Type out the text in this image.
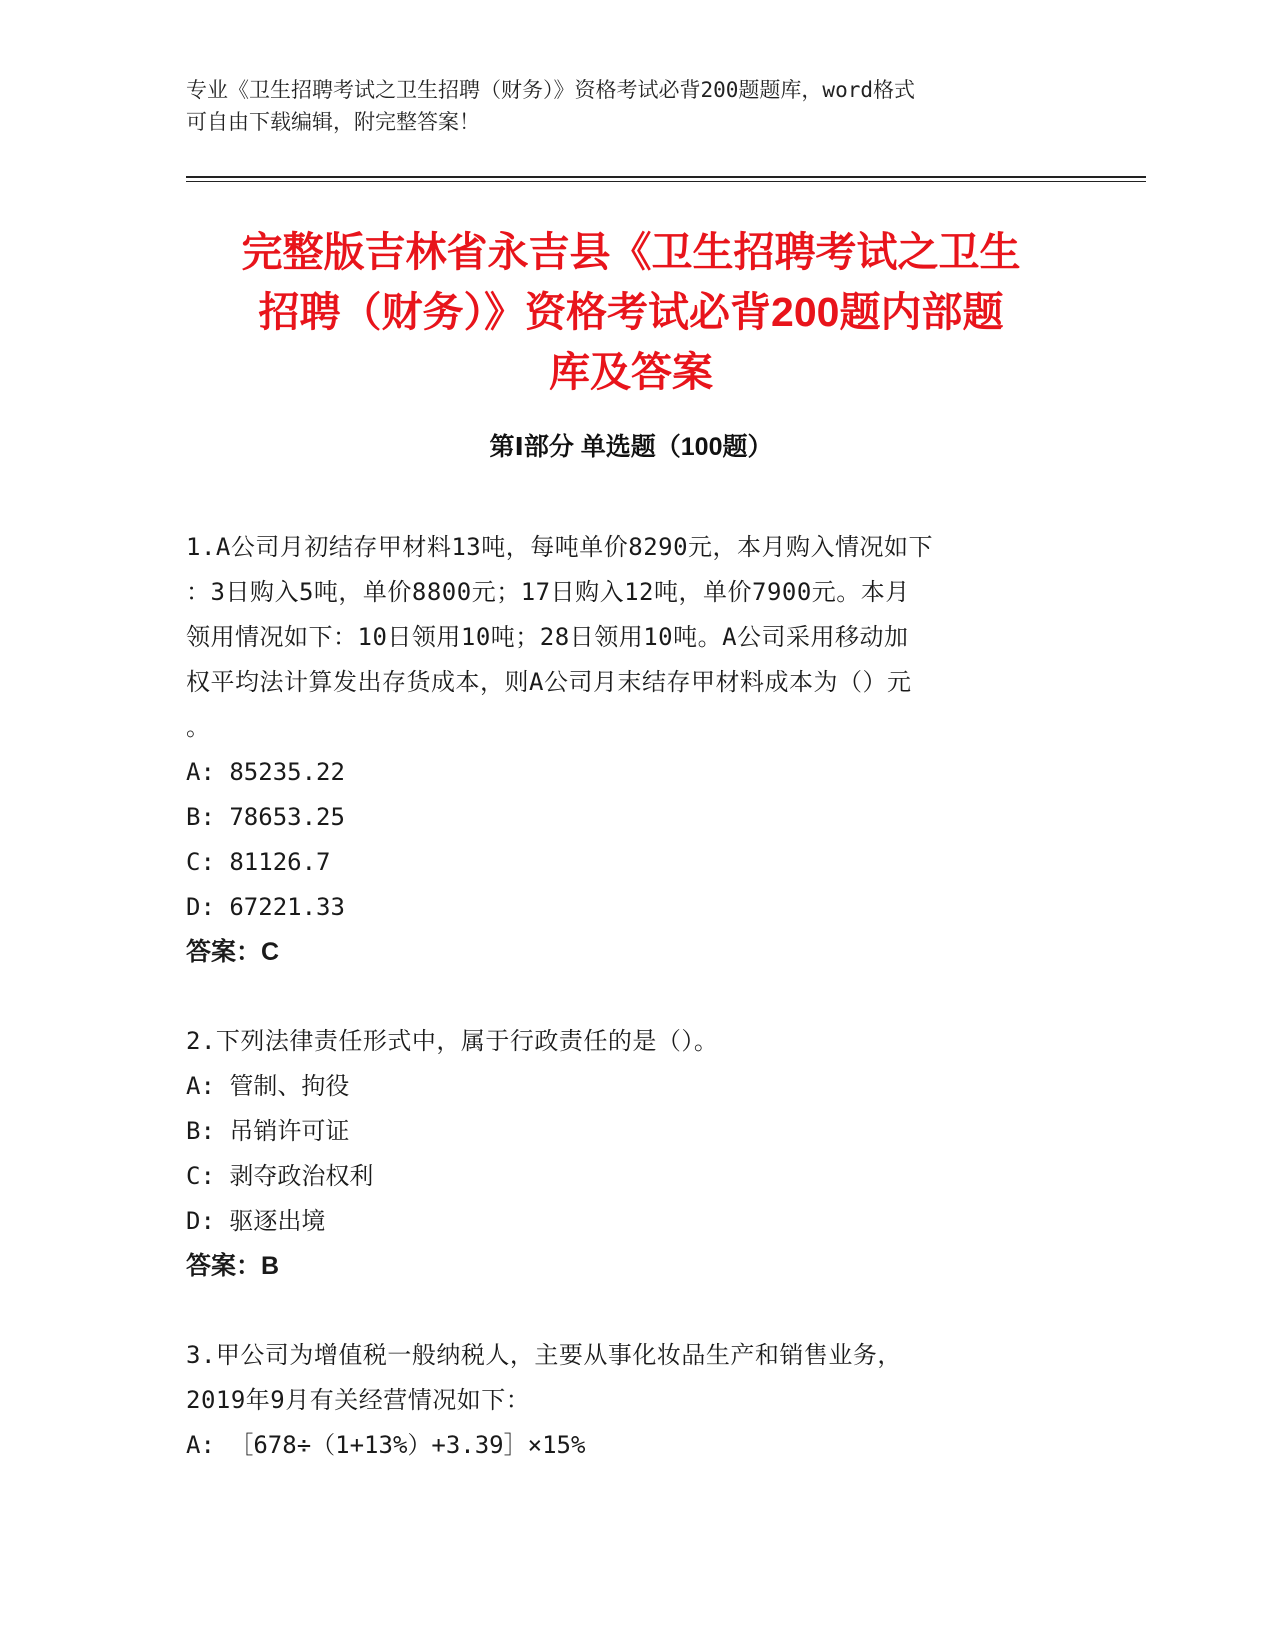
专业《卫生招聘考试之卫生招聘（财务）》资格考试必背200题题库，word格式

可自由下载编辑，附完整答案！

完整版吉林省永吉县《卫生招聘考试之卫生
招聘（财务）》资格考试必背200题内部题
库及答案
第Ⅰ部分 单选题（100题）

1.A公司月初结存甲材料13吨，每吨单价8290元，本月购入情况如下
：3日购入5吨，单价8800元；17日购入12吨，单价7900元。本月
领用情况如下：10日领用10吨；28日领用10吨。A公司采用移动加
权平均法计算发出存货成本，则A公司月末结存甲材料成本为（）元
。

A: 85235.22

B: 78653.25

C: 81126.7

D: 67221.33

答案：C

2.下列法律责任形式中，属于行政责任的是（）。

A: 管制、拘役

B: 吊销许可证

C: 剥夺政治权利

D: 驱逐出境

答案：B

3.甲公司为增值税一般纳税人，主要从事化妆品生产和销售业务，
2019年9月有关经营情况如下：

A: ［678÷（1+13%）+3.39］×15%
